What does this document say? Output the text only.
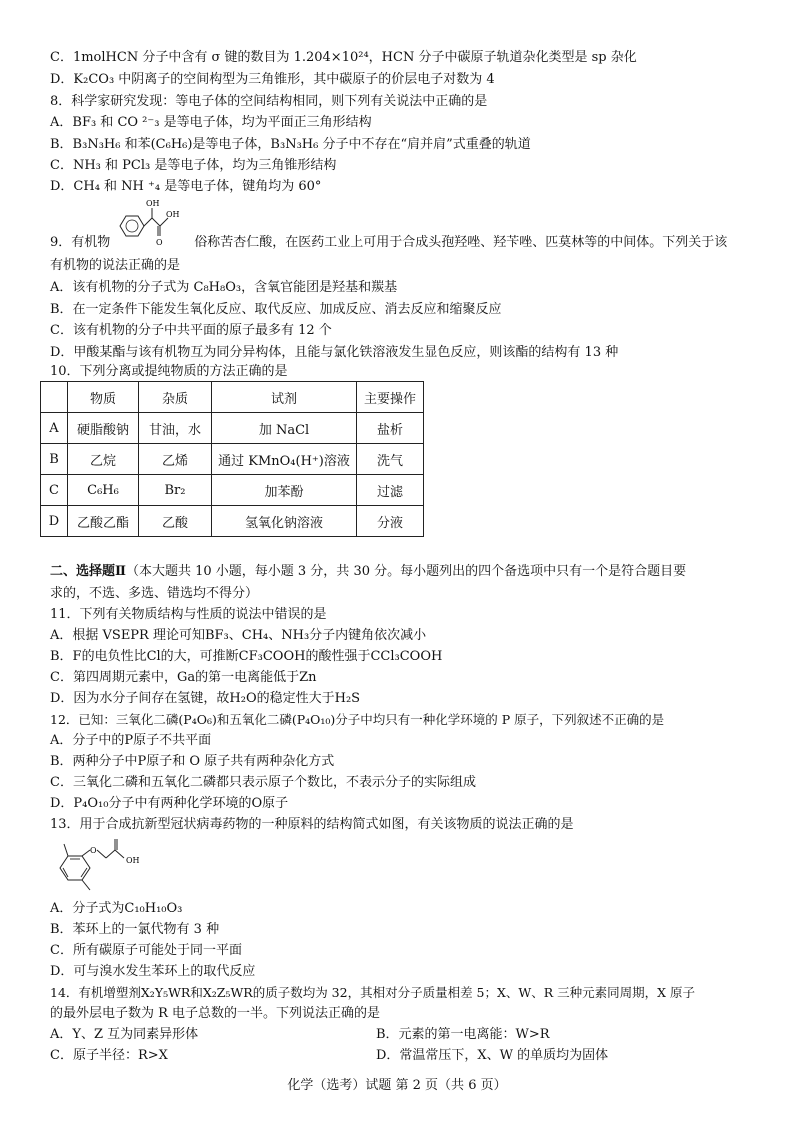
C．1molHCN 分子中含有 σ 键的数目为 1.204×10²⁴，HCN 分子中碳原子轨道杂化类型是 sp 杂化
D．K₂CO₃ 中阴离子的空间构型为三角锥形，其中碳原子的价层电子对数为 4
8．科学家研究发现：等电子体的空间结构相同，则下列有关说法中正确的是
A．BF₃ 和 CO ²⁻₃ 是等电子体，均为平面正三角形结构
B．B₃N₃H₆ 和苯(C₆H₆)是等电子体，B₃N₃H₆ 分子中不存在“肩并肩”式重叠的轨道
C．NH₃ 和 PCl₃ 是等电子体，均为三角锥形结构
D．CH₄ 和 NH ⁺₄ 是等电子体，键角均为 60°
OH
OH
O
9．有机物	俗称苦杏仁酸，在医药工业上可用于合成头孢羟唑、羟苄唑、匹莫林等的中间体。下列关于该
有机物的说法正确的是
A．该有机物的分子式为 C₈H₈O₃，含氧官能团是羟基和羰基
B．在一定条件下能发生氧化反应、取代反应、加成反应、消去反应和缩聚反应
C．该有机物的分子中共平面的原子最多有 12 个
D．甲酸某酯与该有机物互为同分异构体，且能与氯化铁溶液发生显色反应，则该酯的结构有 13 种
10．下列分离或提纯物质的方法正确的是
	物质	杂质	试剂	主要操作
A	硬脂酸钠	甘油，水	加 NaCl	盐析
B	乙烷	乙烯	通过 KMnO₄(H⁺)溶液	洗气
C	C₆H₆	Br₂	加苯酚	过滤
D	乙酸乙酯	乙酸	氢氧化钠溶液	分液
二、选择题Ⅱ（本大题共 10 小题，每小题 3 分，共 30 分。每小题列出的四个备选项中只有一个是符合题目要
求的，不选、多选、错选均不得分）
11．下列有关物质结构与性质的说法中错误的是
A．根据 VSEPR 理论可知BF₃、CH₄、NH₃分子内键角依次减小
B．F的电负性比Cl的大，可推断CF₃COOH的酸性强于CCl₃COOH
C．第四周期元素中，Ga的第一电离能低于Zn
D．因为水分子间存在氢键，故H₂O的稳定性大于H₂S
12．已知：三氧化二磷(P₄O₆)和五氧化二磷(P₄O₁₀)分子中均只有一种化学环境的 P 原子，下列叙述不正确的是
A．分子中的P原子不共平面
B．两种分子中P原子和 O 原子共有两种杂化方式
C．三氧化二磷和五氧化二磷都只表示原子个数比，不表示分子的实际组成
D．P₄O₁₀分子中有两种化学环境的O原子
13．用于合成抗新型冠状病毒药物的一种原料的结构简式如图，有关该物质的说法正确的是
O
OH
A．分子式为C₁₀H₁₀O₃
B．苯环上的一氯代物有 3 种
C．所有碳原子可能处于同一平面
D．可与溴水发生苯环上的取代反应
14．有机增塑剂X₂Y₅WR和X₂Z₅WR的质子数均为 32，其相对分子质量相差 5；X、W、R 三种元素同周期，X 原子
的最外层电子数为 R 电子总数的一半。下列说法正确的是
A．Y、Z 互为同素异形体	B．元素的第一电离能：W>R
C．原子半径：R>X	D．常温常压下，X、W 的单质均为固体
化学（选考）试题 第 2 页（共 6 页）
